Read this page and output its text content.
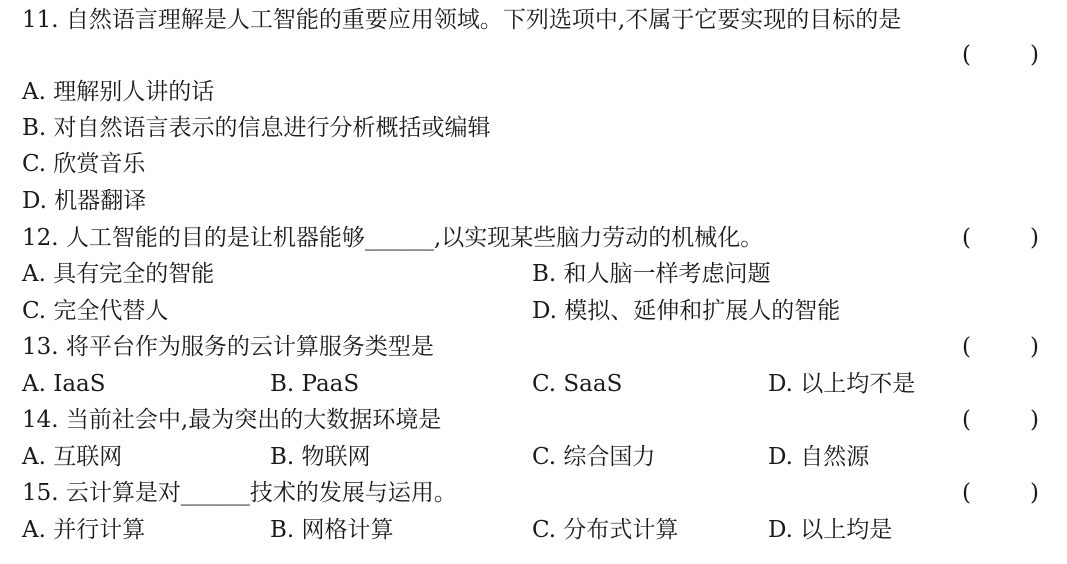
11. 自然语言理解是人工智能的重要应用领域。下列选项中,不属于它要实现的目标的是
(	)
A. 理解别人讲的话
B. 对自然语言表示的信息进行分析概括或编辑
C. 欣赏音乐
D. 机器翻译
12. 人工智能的目的是让机器能够______,以实现某些脑力劳动的机械化。	(	)
A. 具有完全的智能	B. 和人脑一样考虑问题
C. 完全代替人	D. 模拟、延伸和扩展人的智能
13. 将平台作为服务的云计算服务类型是	(	)
A. IaaS	B. PaaS	C. SaaS	D. 以上均不是
14. 当前社会中,最为突出的大数据环境是	(	)
A. 互联网	B. 物联网	C. 综合国力	D. 自然源
15. 云计算是对______技术的发展与运用。	(	)
A. 并行计算	B. 网格计算	C. 分布式计算	D. 以上均是
